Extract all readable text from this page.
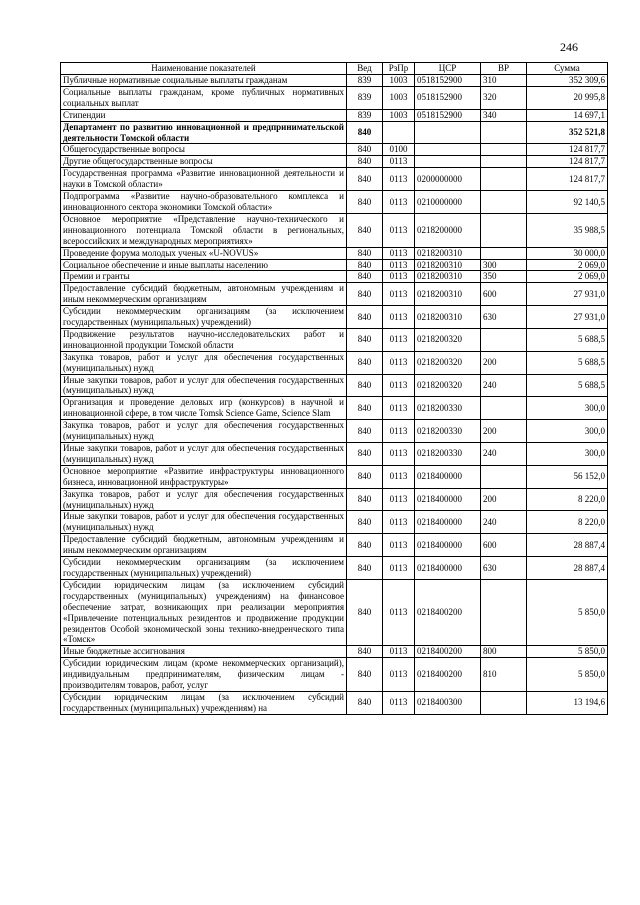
246
Наименование показателей	Вед	РзПр	ЦСР	ВР	Сумма
Публичные нормативные социальные выплаты гражданам	839	1003	0518152900	310	352 309,6
Социальные выплаты гражданам, кроме публичных нормативных социальных выплат	839	1003	0518152900	320	20 995,8
Стипендии	839	1003	0518152900	340	14 697,1
Департамент по развитию инновационной и предпринимательской деятельности Томской области	840				352 521,8
Общегосударственные вопросы	840	0100			124 817,7
Другие общегосударственные вопросы	840	0113			124 817,7
Государственная программа «Развитие инновационной деятельности и науки в Томской области»	840	0113	0200000000		124 817,7
Подпрограмма «Развитие научно-образовательного комплекса и инновационного сектора экономики Томской области»	840	0113	0210000000		92 140,5
Основное мероприятие «Представление научно-технического и инновационного потенциала Томской области в региональных, всероссийских и международных мероприятиях»	840	0113	0218200000		35 988,5
Проведение форума молодых ученых «U-NOVUS»	840	0113	0218200310		30 000,0
Социальное обеспечение и иные выплаты населению	840	0113	0218200310	300	2 069,0
Премии и гранты	840	0113	0218200310	350	2 069,0
Предоставление субсидий бюджетным, автономным учреждениям и иным некоммерческим организациям	840	0113	0218200310	600	27 931,0
Субсидии некоммерческим организациям (за исключением государственных (муниципальных) учреждений)	840	0113	0218200310	630	27 931,0
Продвижение результатов научно-исследовательских работ и инновационной продукции Томской области	840	0113	0218200320		5 688,5
Закупка товаров, работ и услуг для обеспечения государственных (муниципальных) нужд	840	0113	0218200320	200	5 688,5
Иные закупки товаров, работ и услуг для обеспечения государственных (муниципальных) нужд	840	0113	0218200320	240	5 688,5
Организация и проведение деловых игр (конкурсов) в научной и инновационной сфере, в том числе Tomsk Science Game, Science Slam	840	0113	0218200330		300,0
Закупка товаров, работ и услуг для обеспечения государственных (муниципальных) нужд	840	0113	0218200330	200	300,0
Иные закупки товаров, работ и услуг для обеспечения государственных (муниципальных) нужд	840	0113	0218200330	240	300,0
Основное мероприятие «Развитие инфраструктуры инновационного бизнеса, инновационной инфраструктуры»	840	0113	0218400000		56 152,0
Закупка товаров, работ и услуг для обеспечения государственных (муниципальных) нужд	840	0113	0218400000	200	8 220,0
Иные закупки товаров, работ и услуг для обеспечения государственных (муниципальных) нужд	840	0113	0218400000	240	8 220,0
Предоставление субсидий бюджетным, автономным учреждениям и иным некоммерческим организациям	840	0113	0218400000	600	28 887,4
Субсидии некоммерческим организациям (за исключением государственных (муниципальных) учреждений)	840	0113	0218400000	630	28 887,4
Субсидии юридическим лицам (за исключением субсидий государственных (муниципальных) учреждениям) на финансовое обеспечение затрат, возникающих при реализации мероприятия «Привлечение потенциальных резидентов и продвижение продукции резидентов Особой экономической зоны технико-внедренческого типа «Томск»	840	0113	0218400200		5 850,0
Иные бюджетные ассигнования	840	0113	0218400200	800	5 850,0
Субсидии юридическим лицам (кроме некоммерческих организаций), индивидуальным предпринимателям, физическим лицам - производителям товаров, работ, услуг	840	0113	0218400200	810	5 850,0
Субсидии юридическим лицам (за исключением субсидий государственных (муниципальных) учреждениям) на	840	0113	0218400300		13 194,6
